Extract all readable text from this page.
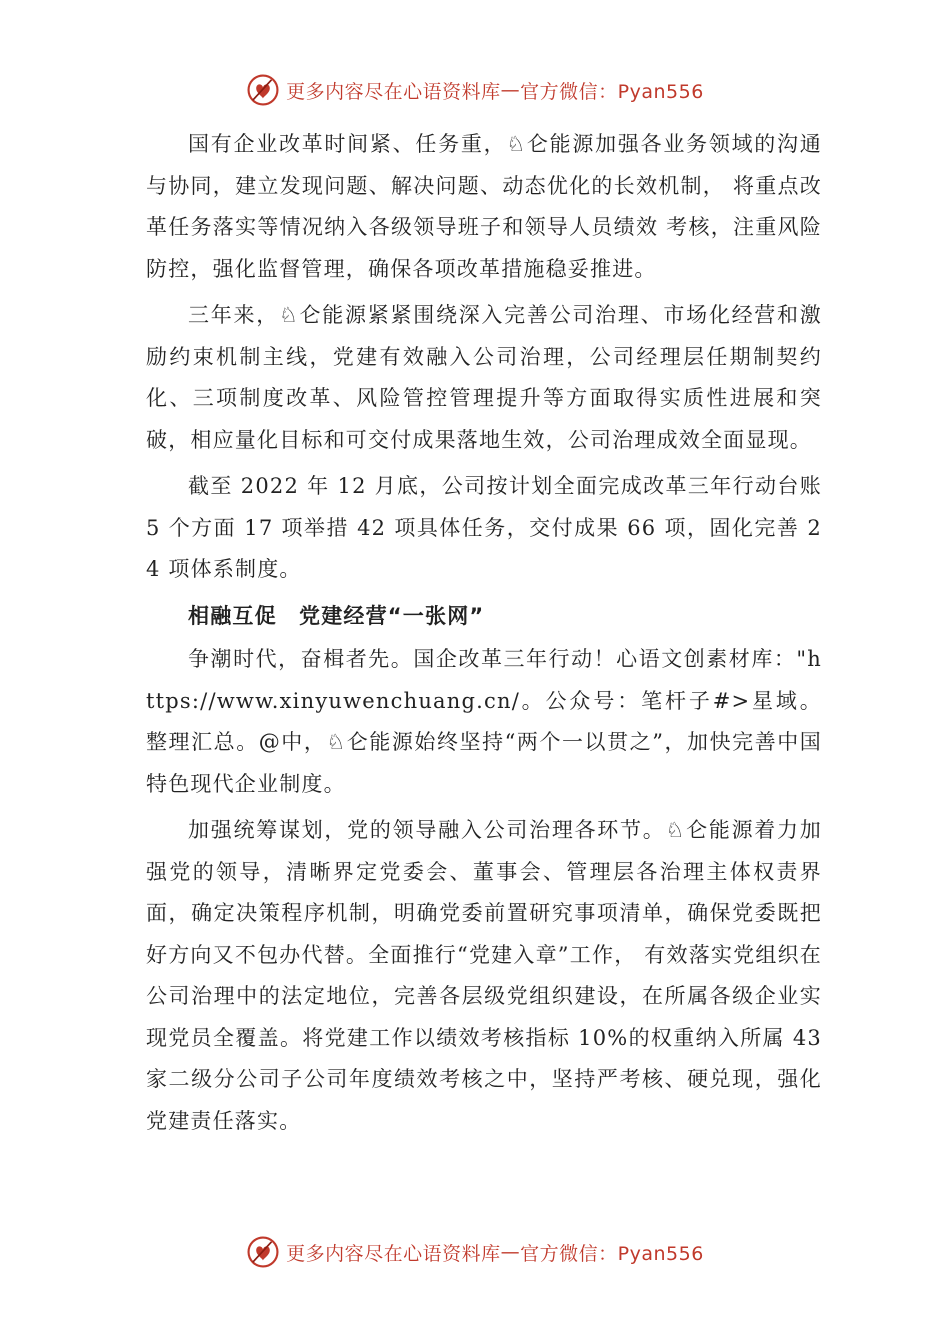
更多内容尽在心语资料库 — 官方微信：Pyan556

国有企业改革时间紧、任务重，♘仑能源加强各业务领域的沟通与协同，建立发现问题、解决问题、动态优化的长效机制， 将重点改革任务落实等情况纳入各级领导班子和领导人员绩效 考核，注重风险防控，强化监督管理，确保各项改革措施稳妥推进。

三年来，♘仑能源紧紧围绕深入完善公司治理、市场化经营和激励约束机制主线，党建有效融入公司治理，公司经理层任期制契约化、三项制度改革、风险管控管理提升等方面取得实质性进展和突破，相应量化目标和可交付成果落地生效，公司治理成效全面显现。

截至 2022 年 12 月底，公司按计划全面完成改革三年行动台账 5 个方面 17 项举措 42 项具体任务，交付成果 66 项，固化完善 24 项体系制度。

相融互促　党建经营“一张网”

争潮时代，奋楫者先。国企改革三年行动！心语文创素材库："https://www.xinyuwenchuang.cn/。公众号：笔杆子#>星域。整理汇总。@中，♘仑能源始终坚持“两个一以贯之”，加快完善中国特色现代企业制度。

加强统筹谋划，党的领导融入公司治理各环节。♘仑能源着力加强党的领导，清晰界定党委会、董事会、管理层各治理主体权责界面，确定决策程序机制，明确党委前置研究事项清单，确保党委既把好方向又不包办代替。全面推行“党建入章”工作， 有效落实党组织在公司治理中的法定地位，完善各层级党组织建设，在所属各级企业实现党员全覆盖。将党建工作以绩效考核指标 10%的权重纳入所属 43 家二级分公司子公司年度绩效考核之中，坚持严考核、硬兑现，强化党建责任落实。

更多内容尽在心语资料库 — 官方微信：Pyan556
